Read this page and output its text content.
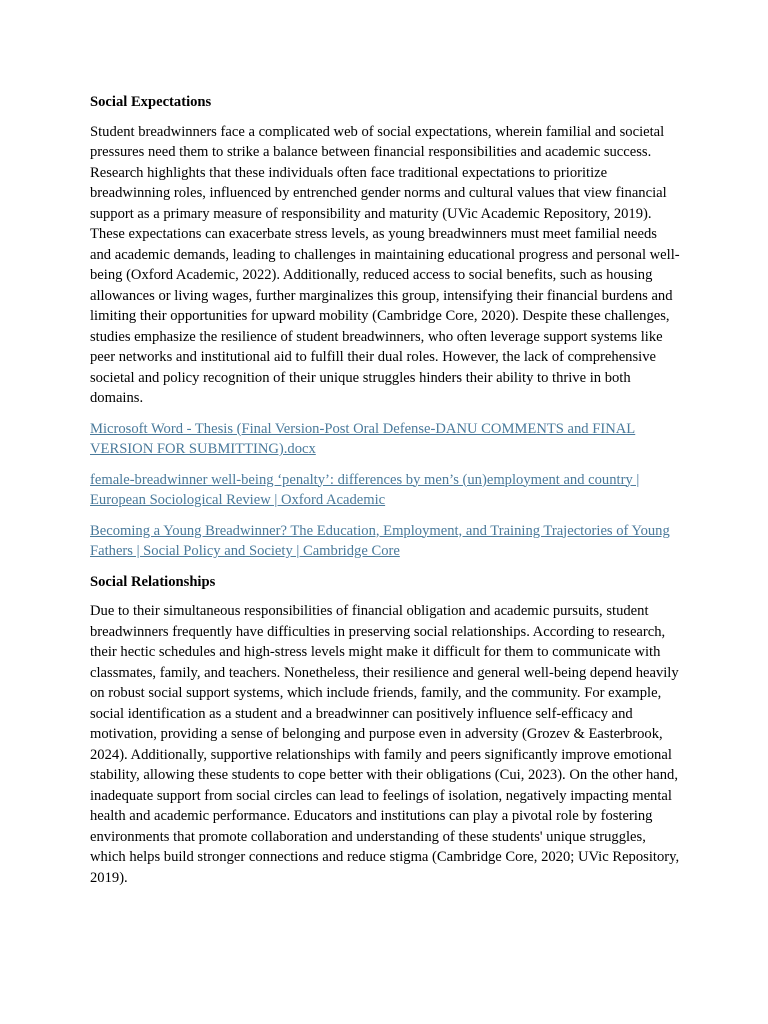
Social Expectations

Student breadwinners face a complicated web of social expectations, wherein familial and societal pressures need them to strike a balance between financial responsibilities and academic success. Research highlights that these individuals often face traditional expectations to prioritize breadwinning roles, influenced by entrenched gender norms and cultural values that view financial support as a primary measure of responsibility and maturity (UVic Academic Repository, 2019). These expectations can exacerbate stress levels, as young breadwinners must meet familial needs and academic demands, leading to challenges in maintaining educational progress and personal well-being (Oxford Academic, 2022). Additionally, reduced access to social benefits, such as housing allowances or living wages, further marginalizes this group, intensifying their financial burdens and limiting their opportunities for upward mobility (Cambridge Core, 2020). Despite these challenges, studies emphasize the resilience of student breadwinners, who often leverage support systems like peer networks and institutional aid to fulfill their dual roles. However, the lack of comprehensive societal and policy recognition of their unique struggles hinders their ability to thrive in both domains.

Microsoft Word - Thesis (Final Version-Post Oral Defense-DANU COMMENTS and FINAL VERSION FOR SUBMITTING).docx
female-breadwinner well-being ‘penalty’: differences by men’s (un)employment and country | European Sociological Review | Oxford Academic
Becoming a Young Breadwinner? The Education, Employment, and Training Trajectories of Young Fathers | Social Policy and Society | Cambridge Core
Social Relationships

Due to their simultaneous responsibilities of financial obligation and academic pursuits, student breadwinners frequently have difficulties in preserving social relationships. According to research, their hectic schedules and high-stress levels might make it difficult for them to communicate with classmates, family, and teachers. Nonetheless, their resilience and general well-being depend heavily on robust social support systems, which include friends, family, and the community. For example, social identification as a student and a breadwinner can positively influence self-efficacy and motivation, providing a sense of belonging and purpose even in adversity (Grozev & Easterbrook, 2024). Additionally, supportive relationships with family and peers significantly improve emotional stability, allowing these students to cope better with their obligations (Cui, 2023). On the other hand, inadequate support from social circles can lead to feelings of isolation, negatively impacting mental health and academic performance. Educators and institutions can play a pivotal role by fostering environments that promote collaboration and understanding of these students' unique struggles, which helps build stronger connections and reduce stigma (Cambridge Core, 2020; UVic Repository, 2019).
